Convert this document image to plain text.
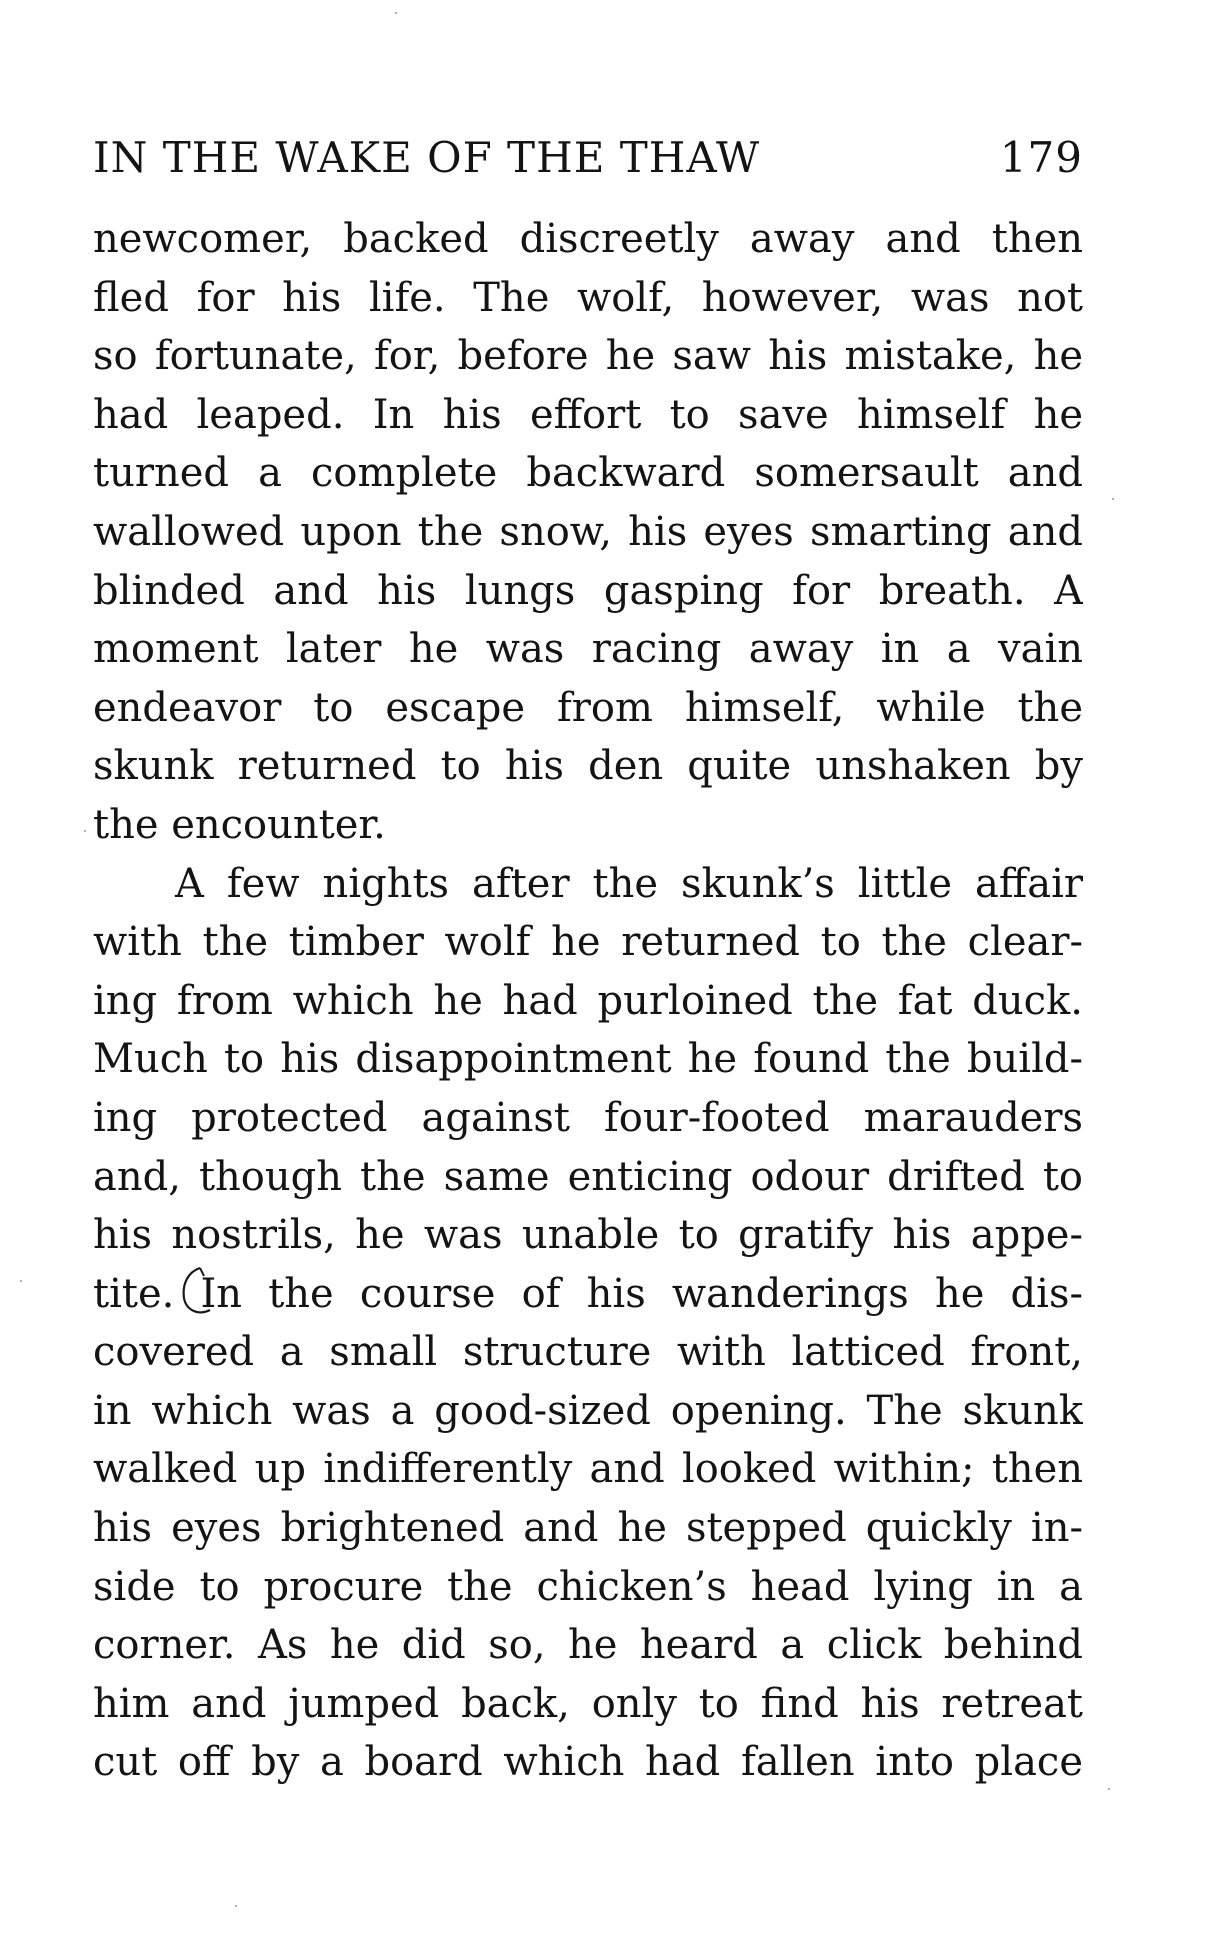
IN THE WAKE OF THE THAW	179
newcomer, backed discreetly away and then
fled for his life. The wolf, however, was not
so fortunate, for, before he saw his mistake, he
had leaped. In his effort to save himself he
turned a complete backward somersault and
wallowed upon the snow, his eyes smarting and
blinded and his lungs gasping for breath. A
moment later he was racing away in a vain
endeavor to escape from himself, while the
skunk returned to his den quite unshaken by
the encounter.
A few nights after the skunk’s little affair
with the timber wolf he returned to the clear-
ing from which he had purloined the fat duck.
Much to his disappointment he found the build-
ing protected against four-footed marauders
and, though the same enticing odour drifted to
his nostrils, he was unable to gratify his appe-
tite. In the course of his wanderings he dis-
covered a small structure with latticed front,
in which was a good-sized opening. The skunk
walked up indifferently and looked within; then
his eyes brightened and he stepped quickly in-
side to procure the chicken’s head lying in a
corner. As he did so, he heard a click behind
him and jumped back, only to find his retreat
cut off by a board which had fallen into place
